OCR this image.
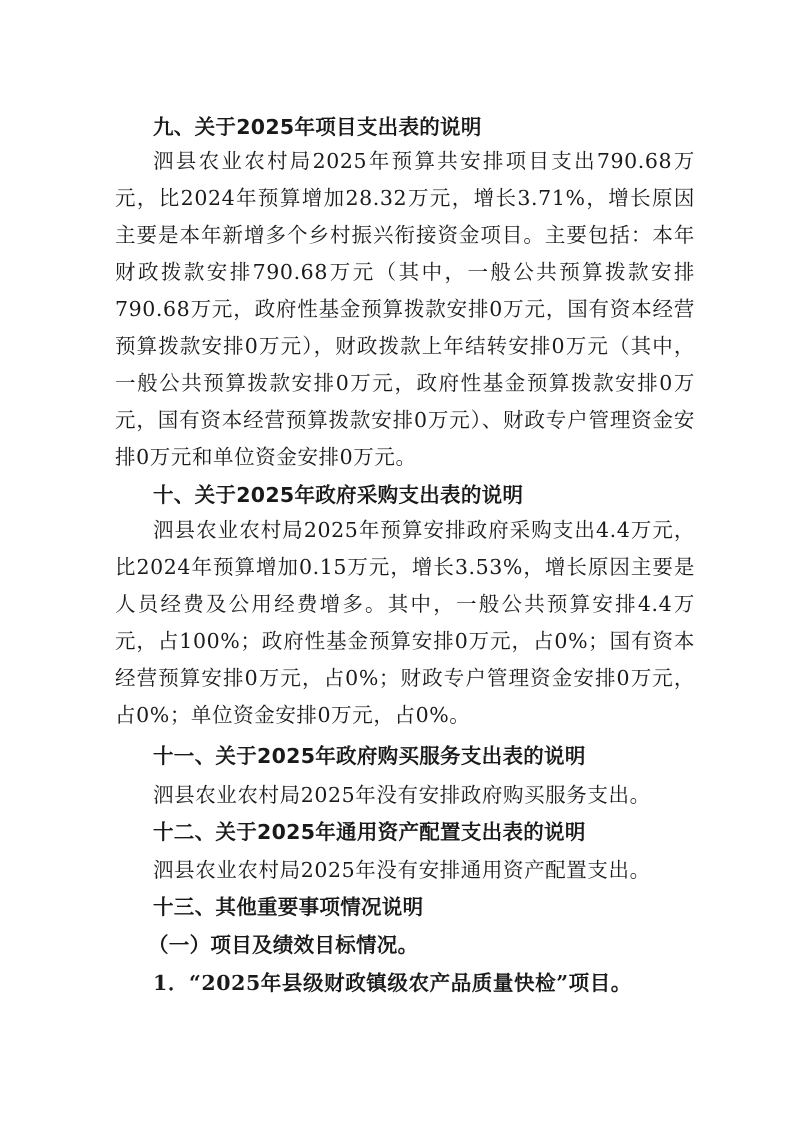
九、关于2025年项目支出表的说明
泗县农业农村局2025年预算共安排项目支出790.68万元，比2024年预算增加28.32万元，增长3.71%，增长原因主要是本年新增多个乡村振兴衔接资金项目。主要包括：本年财政拨款安排790.68万元（其中，一般公共预算拨款安排790.68万元，政府性基金预算拨款安排0万元，国有资本经营预算拨款安排0万元），财政拨款上年结转安排0万元（其中，一般公共预算拨款安排0万元，政府性基金预算拨款安排0万元，国有资本经营预算拨款安排0万元）、财政专户管理资金安排0万元和单位资金安排0万元。
十、关于2025年政府采购支出表的说明
泗县农业农村局2025年预算安排政府采购支出4.4万元，比2024年预算增加0.15万元，增长3.53%，增长原因主要是人员经费及公用经费增多。其中，一般公共预算安排4.4万元，占100%；政府性基金预算安排0万元，占0%；国有资本经营预算安排0万元，占0%；财政专户管理资金安排0万元，占0%；单位资金安排0万元，占0%。
十一、关于2025年政府购买服务支出表的说明
泗县农业农村局2025年没有安排政府购买服务支出。
十二、关于2025年通用资产配置支出表的说明
泗县农业农村局2025年没有安排通用资产配置支出。
十三、其他重要事项情况说明
（一）项目及绩效目标情况。
1．“2025年县级财政镇级农产品质量快检”项目。
